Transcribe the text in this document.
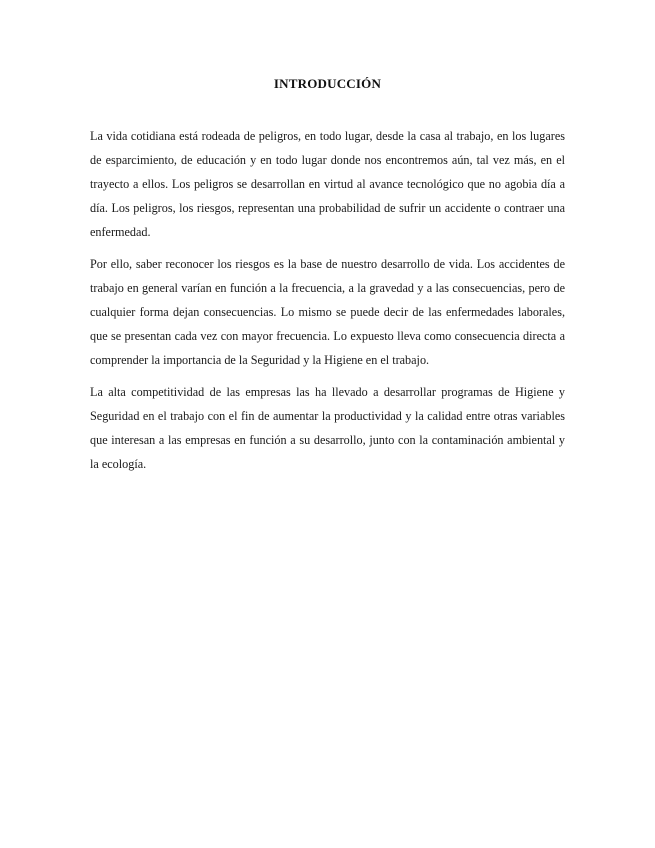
INTRODUCCIÓN

La vida cotidiana está rodeada de peligros, en todo lugar, desde la casa al trabajo, en los lugares de esparcimiento, de educación y en todo lugar donde nos encontremos aún, tal vez más, en el trayecto a ellos. Los peligros se desarrollan en virtud al avance tecnológico que no agobia día a día. Los peligros, los riesgos, representan una probabilidad de sufrir un accidente o contraer una enfermedad.

Por ello, saber reconocer los riesgos es la base de nuestro desarrollo de vida. Los accidentes de trabajo en general varían en función a la frecuencia, a la gravedad y a las consecuencias, pero de cualquier forma dejan consecuencias. Lo mismo se puede decir de las enfermedades laborales, que se presentan cada vez con mayor frecuencia. Lo expuesto lleva como consecuencia directa a comprender la importancia de la Seguridad y la Higiene en el trabajo.

La alta competitividad de las empresas las ha llevado a desarrollar programas de Higiene y Seguridad en el trabajo con el fin de aumentar la productividad y la calidad entre otras variables que interesan a las empresas en función a su desarrollo, junto con la contaminación ambiental y la ecología.
